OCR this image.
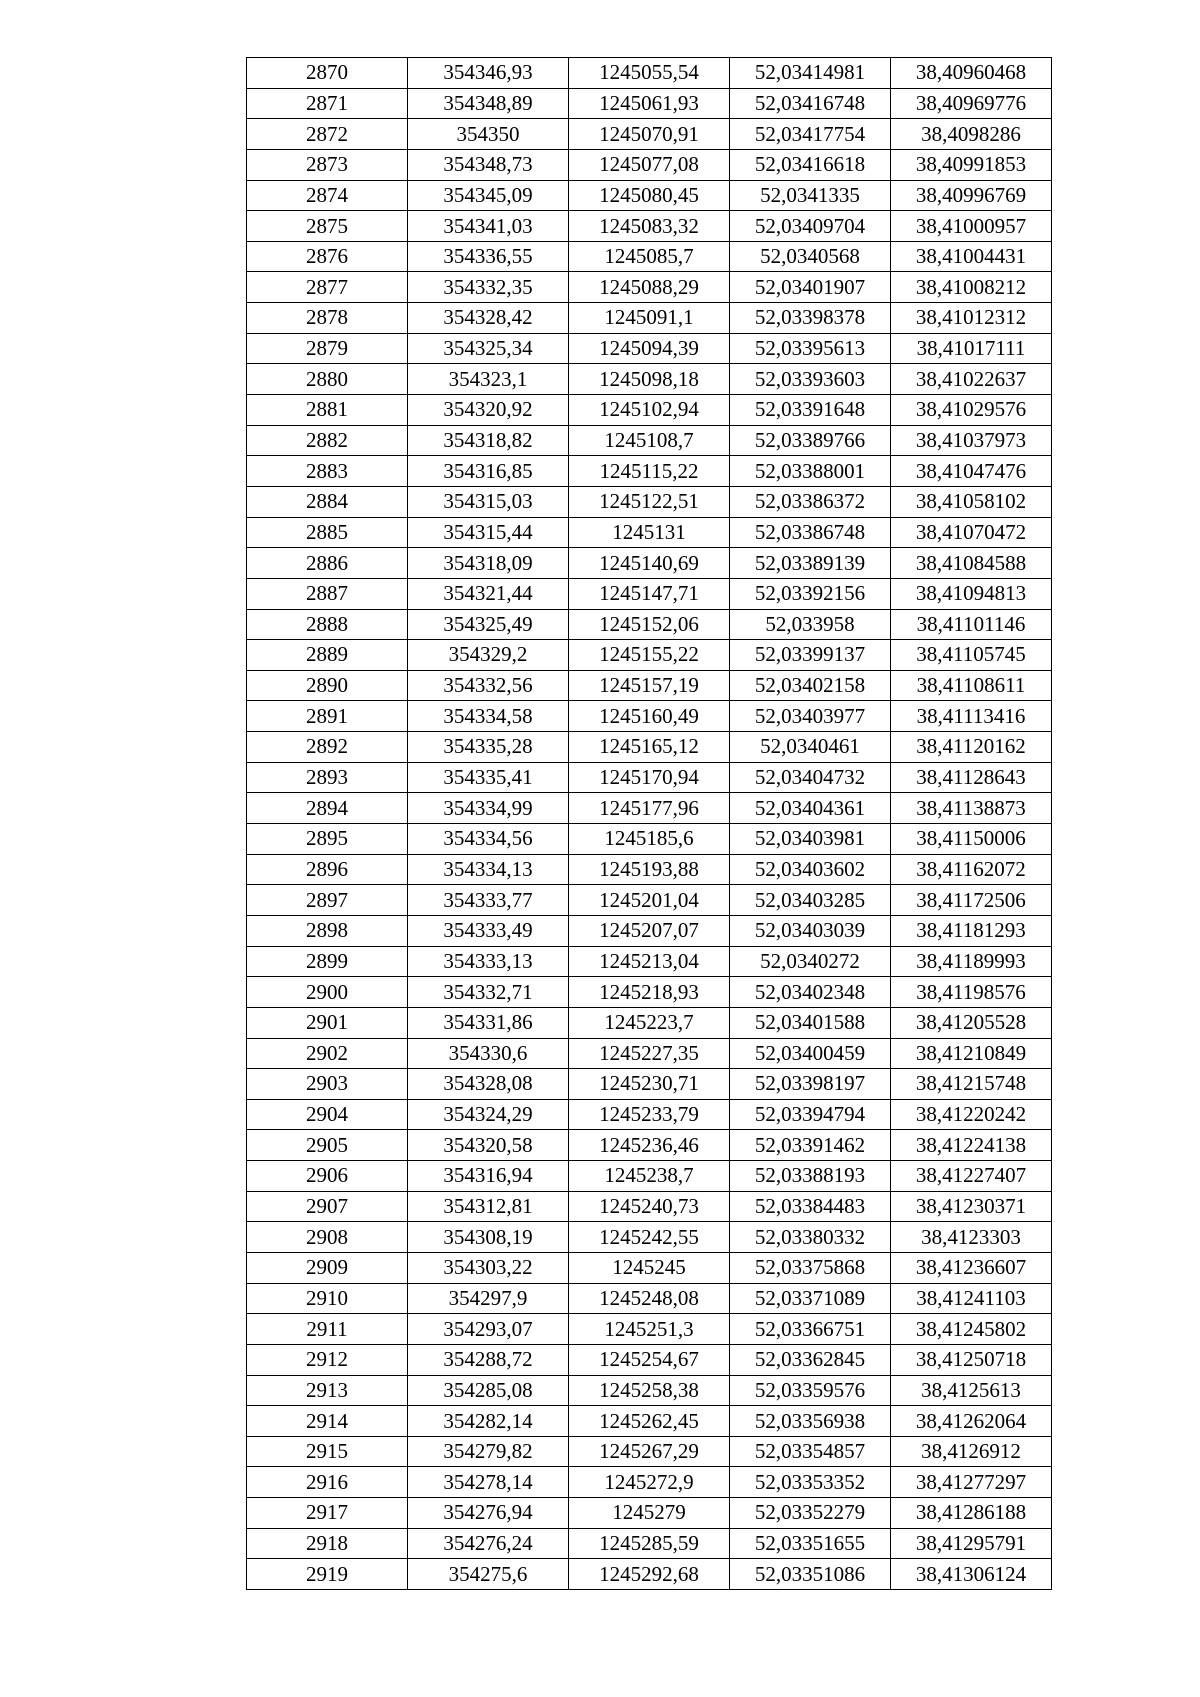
2870	354346,93	1245055,54	52,03414981	38,40960468
2871	354348,89	1245061,93	52,03416748	38,40969776
2872	354350	1245070,91	52,03417754	38,4098286
2873	354348,73	1245077,08	52,03416618	38,40991853
2874	354345,09	1245080,45	52,0341335	38,40996769
2875	354341,03	1245083,32	52,03409704	38,41000957
2876	354336,55	1245085,7	52,0340568	38,41004431
2877	354332,35	1245088,29	52,03401907	38,41008212
2878	354328,42	1245091,1	52,03398378	38,41012312
2879	354325,34	1245094,39	52,03395613	38,41017111
2880	354323,1	1245098,18	52,03393603	38,41022637
2881	354320,92	1245102,94	52,03391648	38,41029576
2882	354318,82	1245108,7	52,03389766	38,41037973
2883	354316,85	1245115,22	52,03388001	38,41047476
2884	354315,03	1245122,51	52,03386372	38,41058102
2885	354315,44	1245131	52,03386748	38,41070472
2886	354318,09	1245140,69	52,03389139	38,41084588
2887	354321,44	1245147,71	52,03392156	38,41094813
2888	354325,49	1245152,06	52,033958	38,41101146
2889	354329,2	1245155,22	52,03399137	38,41105745
2890	354332,56	1245157,19	52,03402158	38,41108611
2891	354334,58	1245160,49	52,03403977	38,41113416
2892	354335,28	1245165,12	52,0340461	38,41120162
2893	354335,41	1245170,94	52,03404732	38,41128643
2894	354334,99	1245177,96	52,03404361	38,41138873
2895	354334,56	1245185,6	52,03403981	38,41150006
2896	354334,13	1245193,88	52,03403602	38,41162072
2897	354333,77	1245201,04	52,03403285	38,41172506
2898	354333,49	1245207,07	52,03403039	38,41181293
2899	354333,13	1245213,04	52,0340272	38,41189993
2900	354332,71	1245218,93	52,03402348	38,41198576
2901	354331,86	1245223,7	52,03401588	38,41205528
2902	354330,6	1245227,35	52,03400459	38,41210849
2903	354328,08	1245230,71	52,03398197	38,41215748
2904	354324,29	1245233,79	52,03394794	38,41220242
2905	354320,58	1245236,46	52,03391462	38,41224138
2906	354316,94	1245238,7	52,03388193	38,41227407
2907	354312,81	1245240,73	52,03384483	38,41230371
2908	354308,19	1245242,55	52,03380332	38,4123303
2909	354303,22	1245245	52,03375868	38,41236607
2910	354297,9	1245248,08	52,03371089	38,41241103
2911	354293,07	1245251,3	52,03366751	38,41245802
2912	354288,72	1245254,67	52,03362845	38,41250718
2913	354285,08	1245258,38	52,03359576	38,4125613
2914	354282,14	1245262,45	52,03356938	38,41262064
2915	354279,82	1245267,29	52,03354857	38,4126912
2916	354278,14	1245272,9	52,03353352	38,41277297
2917	354276,94	1245279	52,03352279	38,41286188
2918	354276,24	1245285,59	52,03351655	38,41295791
2919	354275,6	1245292,68	52,03351086	38,41306124
